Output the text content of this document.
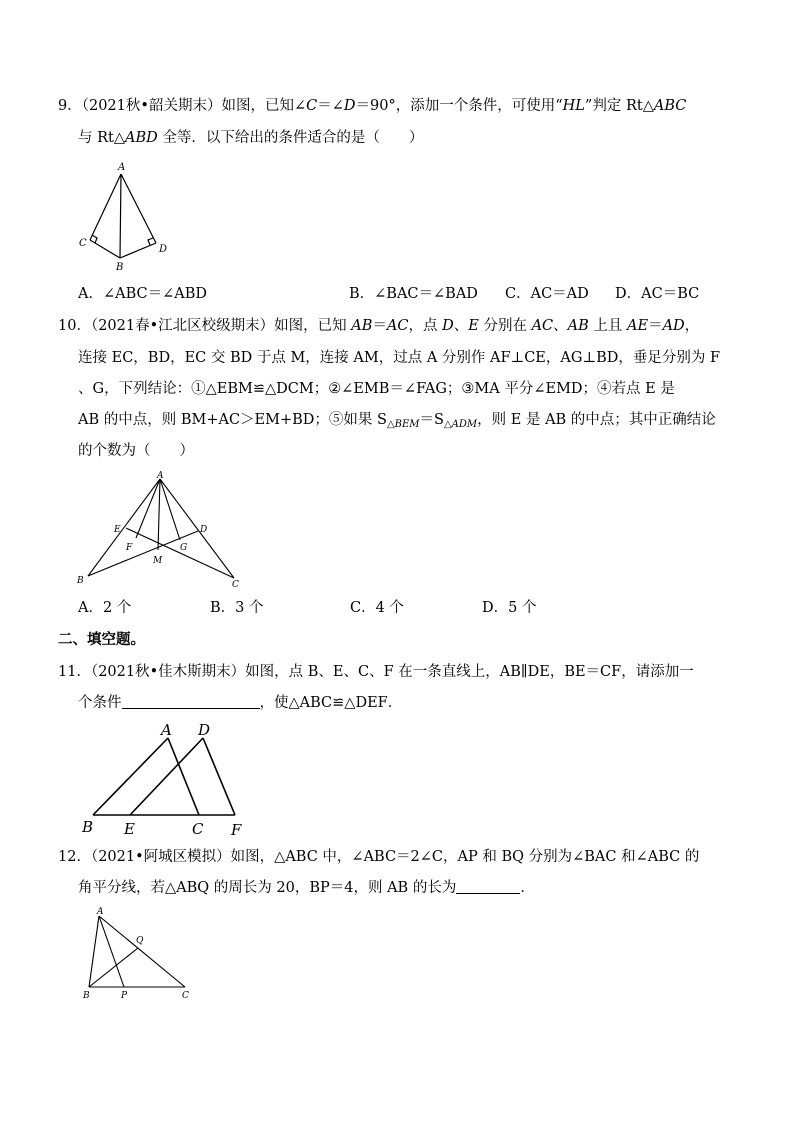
9．（2021秋•韶关期末）如图，已知∠C＝∠D＝90°，添加一个条件，可使用“HL”判定 Rt△ABC
与 Rt△ABD 全等．以下给出的条件适合的是（　　）
A
C
D
B
A．∠ABC＝∠ABD	B．∠BAC＝∠BAD C．AC＝AD D．AC＝BC
10．（2021春•江北区校级期末）如图，已知 AB＝AC，点 D、E 分别在 AC、AB 上且 AE＝AD，
连接 EC，BD，EC 交 BD 于点 M，连接 AM，过点 A 分别作 AF⊥CE，AG⊥BD，垂足分别为 F
、G，下列结论：①△EBM≌△DCM；②∠EMB＝∠FAG；③MA 平分∠EMD；④若点 E 是
AB 的中点，则 BM+AC＞EM+BD；⑤如果 $S_{\triangle BEM}=S_{\triangle ADM}$，则 E 是 AB 的中点；其中正确结论
的个数为（　　）
A
E	D
F	G
M
B	C
A．2 个	B．3 个	C．4 个	D．5 个
二、填空题。
11．（2021秋•佳木斯期末）如图，点 B、E、C、F 在一条直线上，AB∥DE，BE＝CF，请添加一
个条件	，使△ABC≌△DEF．
A D
B E	C F
12．（2021•阿城区模拟）如图，△ABC 中，∠ABC＝2∠C，AP 和 BQ 分别为∠BAC 和∠ABC 的
角平分线，若△ABQ 的周长为 20，BP＝4，则 AB 的长为	．
A
Q
B	P	C
